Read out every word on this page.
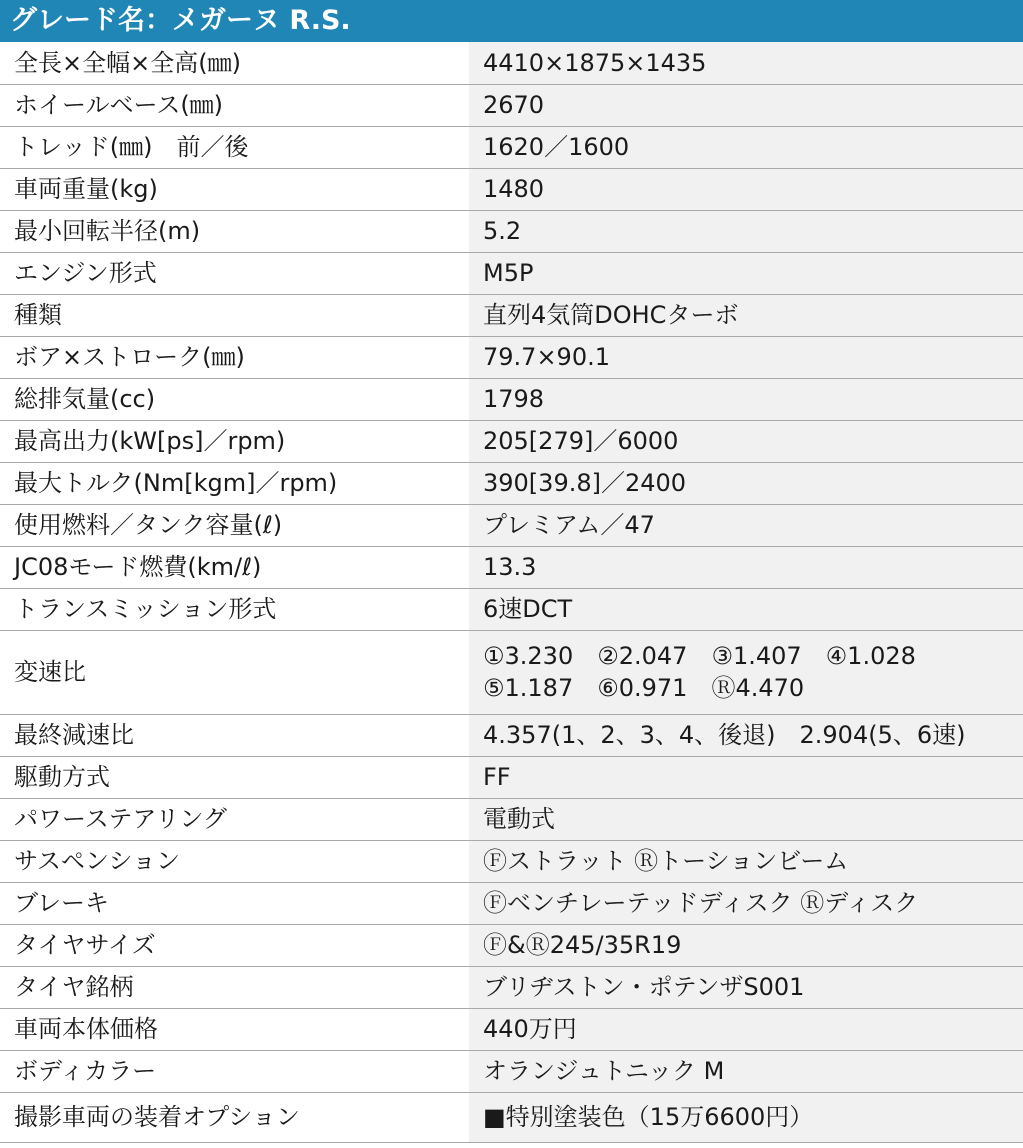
グレード名：メガーヌ R.S.
全長×全幅×全高(㎜)	4410×1875×1435
ホイールベース(㎜)	2670
トレッド(㎜)　前／後	1620／1600
車両重量(kg)	1480
最小回転半径(m)	5.2
エンジン形式	M5P
種類	直列4気筒DOHCターボ
ボア×ストローク(㎜)	79.7×90.1
総排気量(cc)	1798
最高出力(kW[ps]／rpm)	205[279]／6000
最大トルク(Nm[kgm]／rpm)	390[39.8]／2400
使用燃料／タンク容量(ℓ)	プレミアム／47
JC08モード燃費(km/ℓ)	13.3
トランスミッション形式	6速DCT
変速比	①3.230　②2.047　③1.407　④1.028
⑤1.187　⑥0.971　Ⓡ4.470

最終減速比	4.357(1、2、3、4、後退)　2.904(5、6速)
駆動方式	FF
パワーステアリング	電動式
サスペンション	Ⓕストラット Ⓡトーションビーム
ブレーキ	Ⓕベンチレーテッドディスク Ⓡディスク
タイヤサイズ	Ⓕ&Ⓡ245/35R19
タイヤ銘柄	ブリヂストン・ポテンザS001
車両本体価格	440万円
ボディカラー	オランジュトニック M
撮影車両の装着オプション	■特別塗装色（15万6600円）
